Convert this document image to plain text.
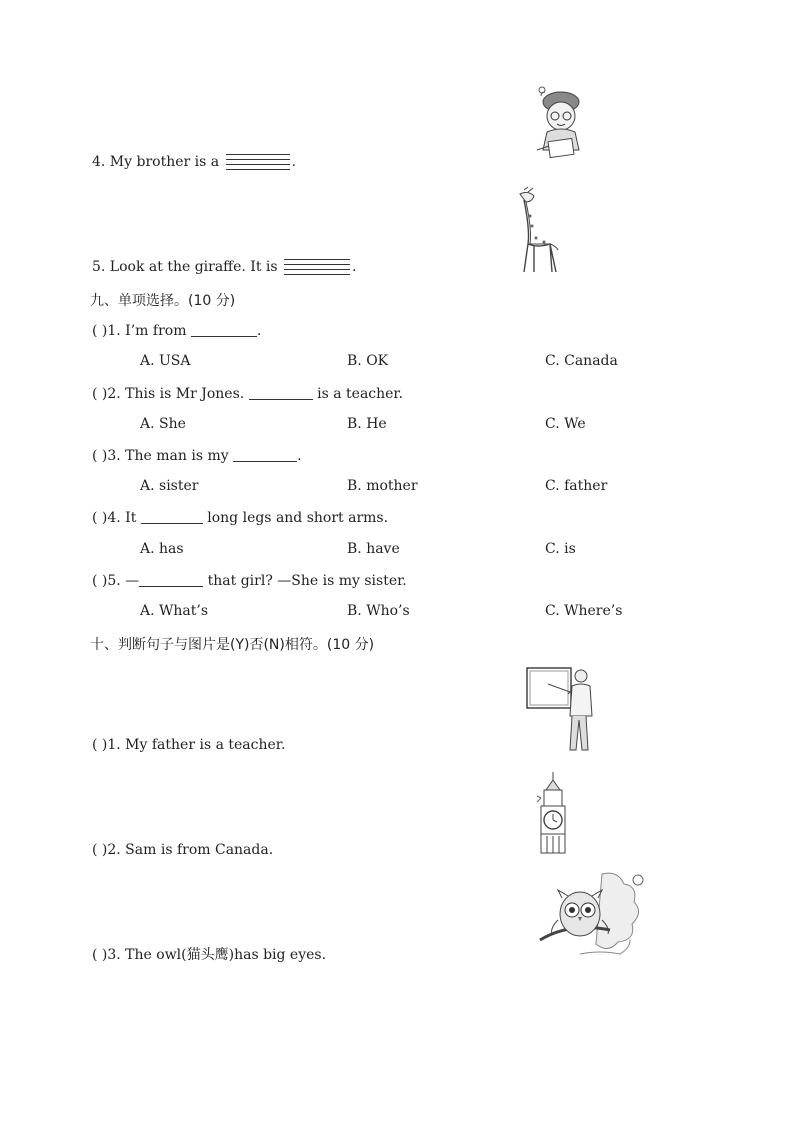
4. My brother is a	.
5. Look at the giraffe. It is	.
九、单项选择。(10 分)
( )1. I’m from	.
A. USA	B. OK	C. Canada
( )2. This is Mr Jones.	is a teacher.
A. She	B. He	C. We
( )3. The man is my	.
A. sister	B. mother	C. father
( )4. It	long legs and short arms.
A. has	B. have	C. is
( )5. —	that girl? —She is my sister.
A. What’s	B. Who’s	C. Where’s
十、判断句子与图片是(Y)否(N)相符。(10 分)
( )1. My father is a teacher.
( )2. Sam is from Canada.
( )3. The owl(猫头鹰)has big eyes.
